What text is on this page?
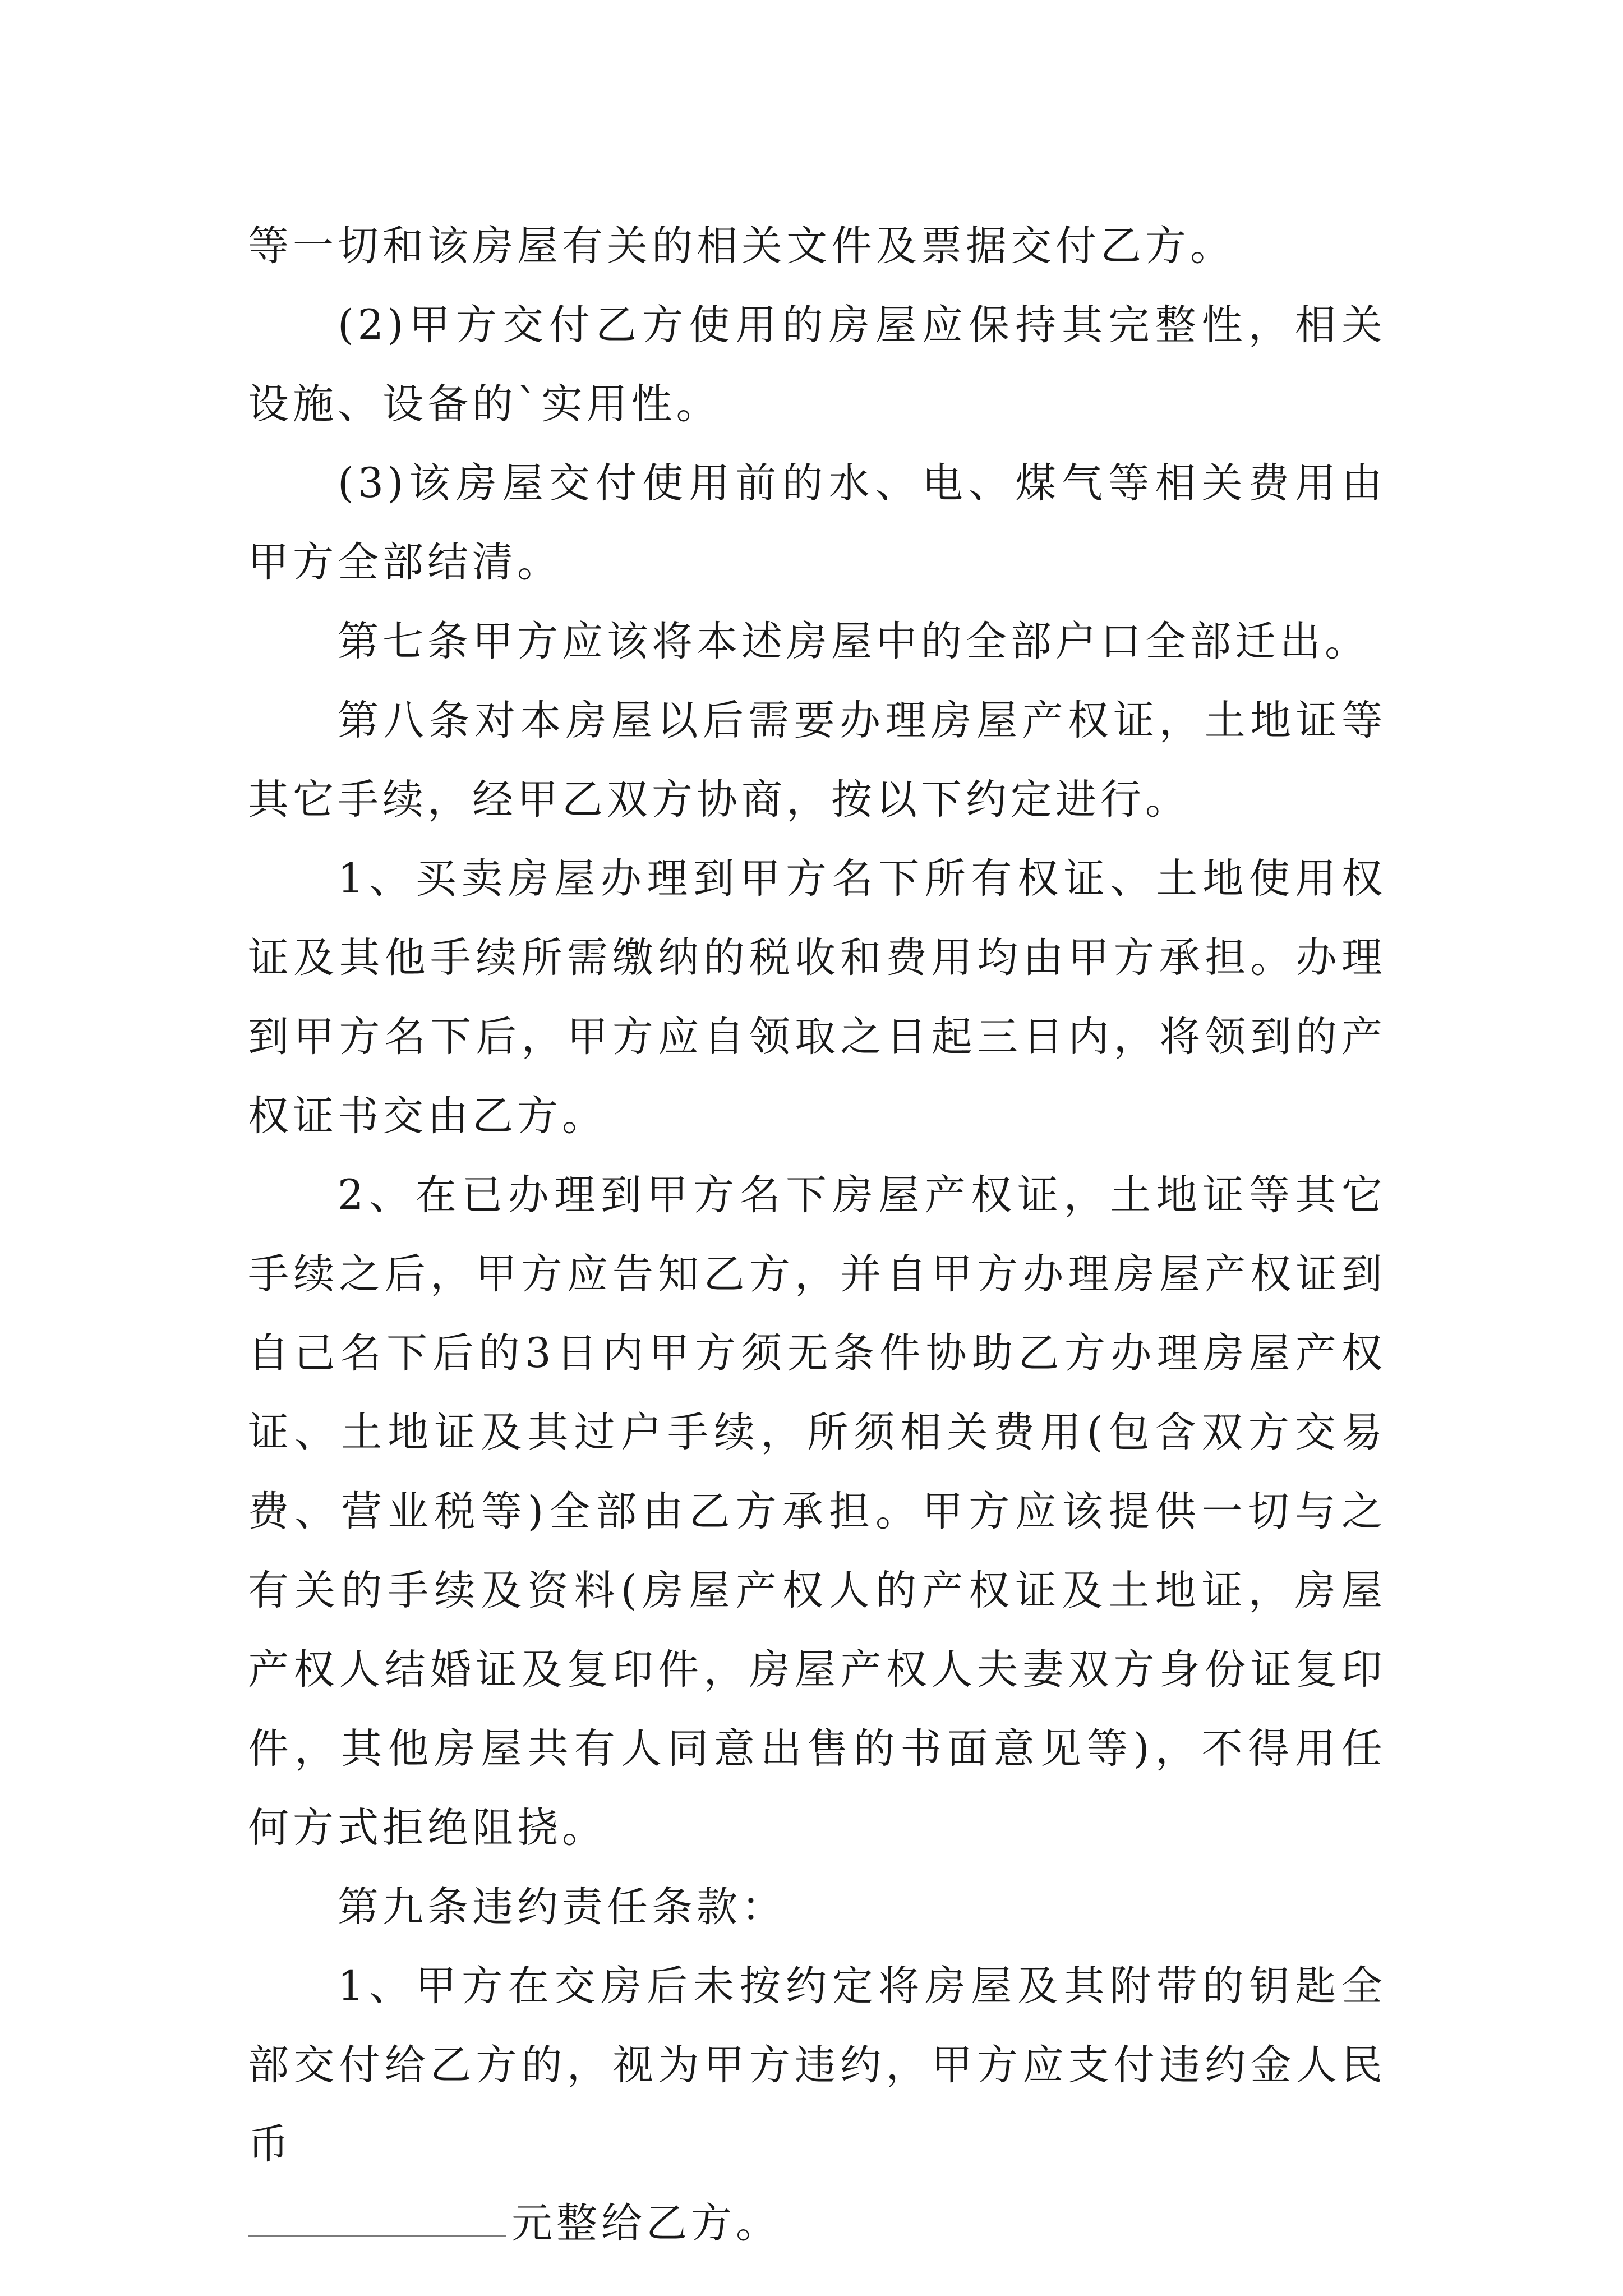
等一切和该房屋有关的相关文件及票据交付乙方。

(2)甲方交付乙方使用的房屋应保持其完整性，相关设施、设备的`实用性。

(3)该房屋交付使用前的水、电、煤气等相关费用由甲方全部结清。

第七条甲方应该将本述房屋中的全部户口全部迁出。

第八条对本房屋以后需要办理房屋产权证，土地证等其它手续，经甲乙双方协商，按以下约定进行。

1、买卖房屋办理到甲方名下所有权证、土地使用权证及其他手续所需缴纳的税收和费用均由甲方承担。办理到甲方名下后，甲方应自领取之日起三日内，将领到的产权证书交由乙方。

2、在已办理到甲方名下房屋产权证，土地证等其它手续之后，甲方应告知乙方，并自甲方办理房屋产权证到自己名下后的3日内甲方须无条件协助乙方办理房屋产权证、土地证及其过户手续，所须相关费用(包含双方交易费、营业税等)全部由乙方承担。甲方应该提供一切与之有关的手续及资料(房屋产权人的产权证及土地证，房屋产权人结婚证及复印件，房屋产权人夫妻双方身份证复印件，其他房屋共有人同意出售的书面意见等)，不得用任何方式拒绝阻挠。

第九条违约责任条款：

1、甲方在交房后未按约定将房屋及其附带的钥匙全部交付给乙方的，视为甲方违约，甲方应支付违约金人民币

元整给乙方。
